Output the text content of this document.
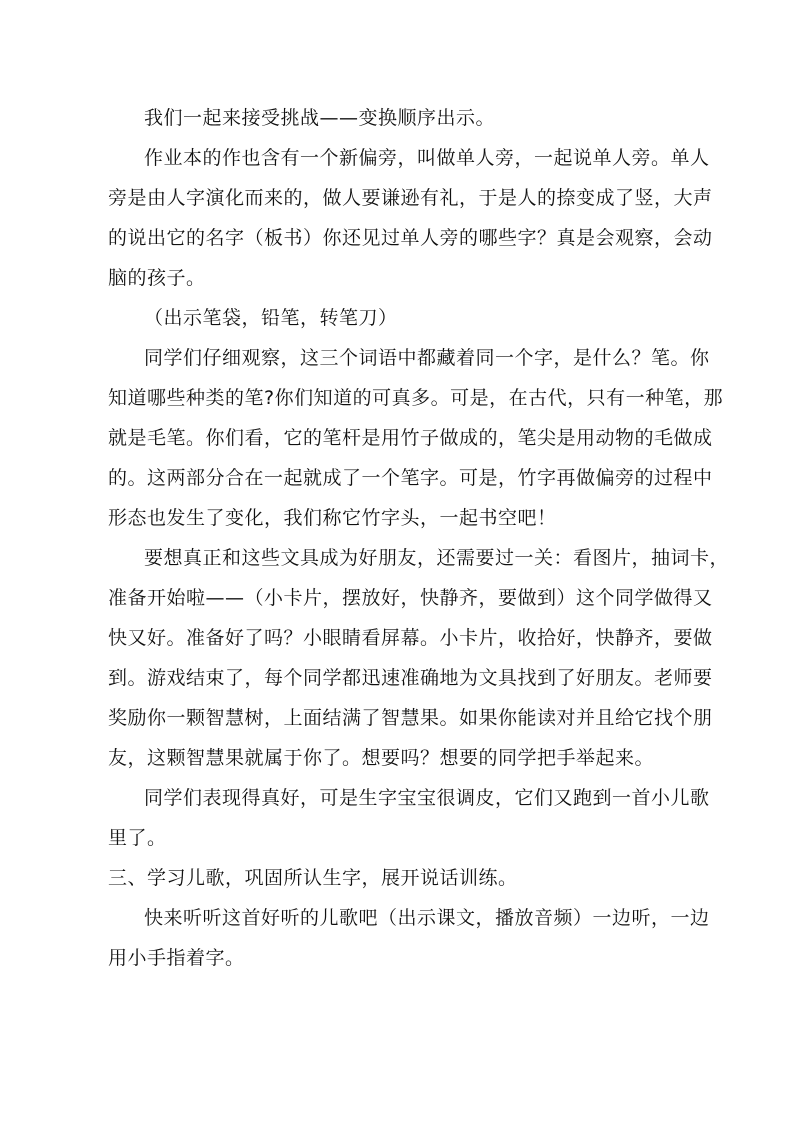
我们一起来接受挑战——变换顺序出示。
作业本的作也含有一个新偏旁，叫做单人旁，一起说单人旁。单人
旁是由人字演化而来的，做人要谦逊有礼，于是人的捺变成了竖，大声
的说出它的名字（板书）你还见过单人旁的哪些字？真是会观察，会动
脑的孩子。
（出示笔袋，铅笔，转笔刀）
同学们仔细观察，这三个词语中都藏着同一个字，是什么？笔。你
知道哪些种类的笔?你们知道的可真多。可是，在古代，只有一种笔，那
就是毛笔。你们看，它的笔杆是用竹子做成的，笔尖是用动物的毛做成
的。这两部分合在一起就成了一个笔字。可是，竹字再做偏旁的过程中
形态也发生了变化，我们称它竹字头，一起书空吧！
要想真正和这些文具成为好朋友，还需要过一关：看图片，抽词卡，
准备开始啦——（小卡片，摆放好，快静齐，要做到）这个同学做得又
快又好。准备好了吗？小眼睛看屏幕。小卡片，收拾好，快静齐，要做
到。游戏结束了，每个同学都迅速准确地为文具找到了好朋友。老师要
奖励你一颗智慧树，上面结满了智慧果。如果你能读对并且给它找个朋
友，这颗智慧果就属于你了。想要吗？想要的同学把手举起来。
同学们表现得真好，可是生字宝宝很调皮，它们又跑到一首小儿歌
里了。
三、学习儿歌，巩固所认生字，展开说话训练。
快来听听这首好听的儿歌吧（出示课文，播放音频）一边听，一边
用小手指着字。
